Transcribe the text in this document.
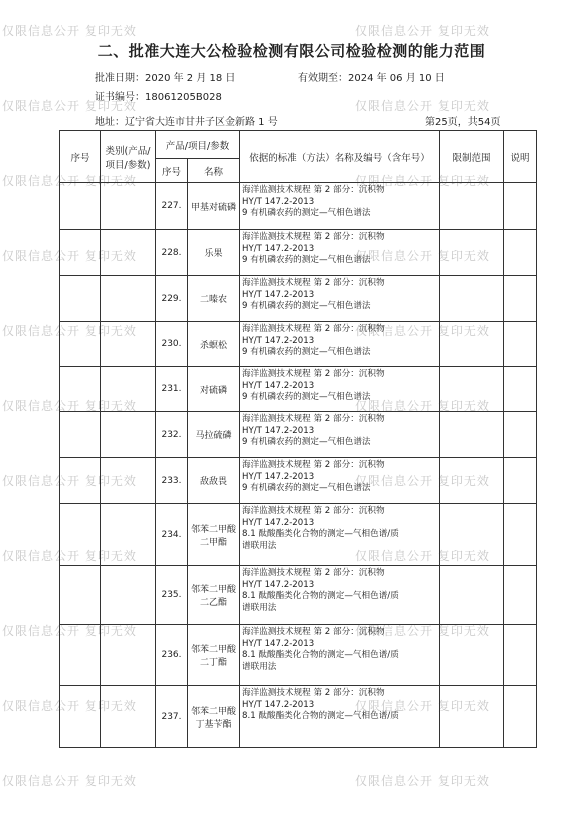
仅限信息公开 复印无效	仅限信息公开 复印无效
仅限信息公开 复印无效	仅限信息公开 复印无效
仅限信息公开 复印无效	仅限信息公开 复印无效
仅限信息公开 复印无效	仅限信息公开 复印无效
仅限信息公开 复印无效	仅限信息公开 复印无效
仅限信息公开 复印无效	仅限信息公开 复印无效
仅限信息公开 复印无效	仅限信息公开 复印无效
仅限信息公开 复印无效	仅限信息公开 复印无效
仅限信息公开 复印无效	仅限信息公开 复印无效
仅限信息公开 复印无效	仅限信息公开 复印无效
仅限信息公开 复印无效	仅限信息公开 复印无效
二、批准大连大公检验检测有限公司检验检测的能力范围
批准日期：2020 年 2 月 18 日	有效期至：2024 年 06 月 10 日
证书编号：18061205B028
地址：辽宁省大连市甘井子区金新路 1 号	第25页，共54页
序号	类别(产品/项目/参数)	产品/项目/参数		依据的标准（方法）名称及编号（含年号）	限制范围	说明
		序号	名称			
		227.	甲基对硫磷	海洋监测技术规程 第 2 部分：沉积物
HY/T 147.2-2013
9 有机磷农药的测定—气相色谱法		

		228.	乐果	海洋监测技术规程 第 2 部分：沉积物
HY/T 147.2-2013
9 有机磷农药的测定—气相色谱法		

		229.	二嗪农	海洋监测技术规程 第 2 部分：沉积物
HY/T 147.2-2013
9 有机磷农药的测定—气相色谱法		

		230.	杀螟松	海洋监测技术规程 第 2 部分：沉积物
HY/T 147.2-2013
9 有机磷农药的测定—气相色谱法		

		231.	对硫磷	海洋监测技术规程 第 2 部分：沉积物
HY/T 147.2-2013
9 有机磷农药的测定—气相色谱法		

		232.	马拉硫磷	海洋监测技术规程 第 2 部分：沉积物
HY/T 147.2-2013
9 有机磷农药的测定—气相色谱法		

		233.	敌敌畏	海洋监测技术规程 第 2 部分：沉积物
HY/T 147.2-2013
9 有机磷农药的测定—气相色谱法		

		234.	邻苯二甲酸二甲酯	海洋监测技术规程 第 2 部分：沉积物
HY/T 147.2-2013
8.1 酞酸酯类化合物的测定—气相色谱/质
谱联用法		

		235.	邻苯二甲酸二乙酯	海洋监测技术规程 第 2 部分：沉积物
HY/T 147.2-2013
8.1 酞酸酯类化合物的测定—气相色谱/质
谱联用法		

		236.	邻苯二甲酸二丁酯	海洋监测技术规程 第 2 部分：沉积物
HY/T 147.2-2013
8.1 酞酸酯类化合物的测定—气相色谱/质
谱联用法		

		237.	邻苯二甲酸丁基苄酯	海洋监测技术规程 第 2 部分：沉积物
HY/T 147.2-2013
8.1 酞酸酯类化合物的测定—气相色谱/质		
